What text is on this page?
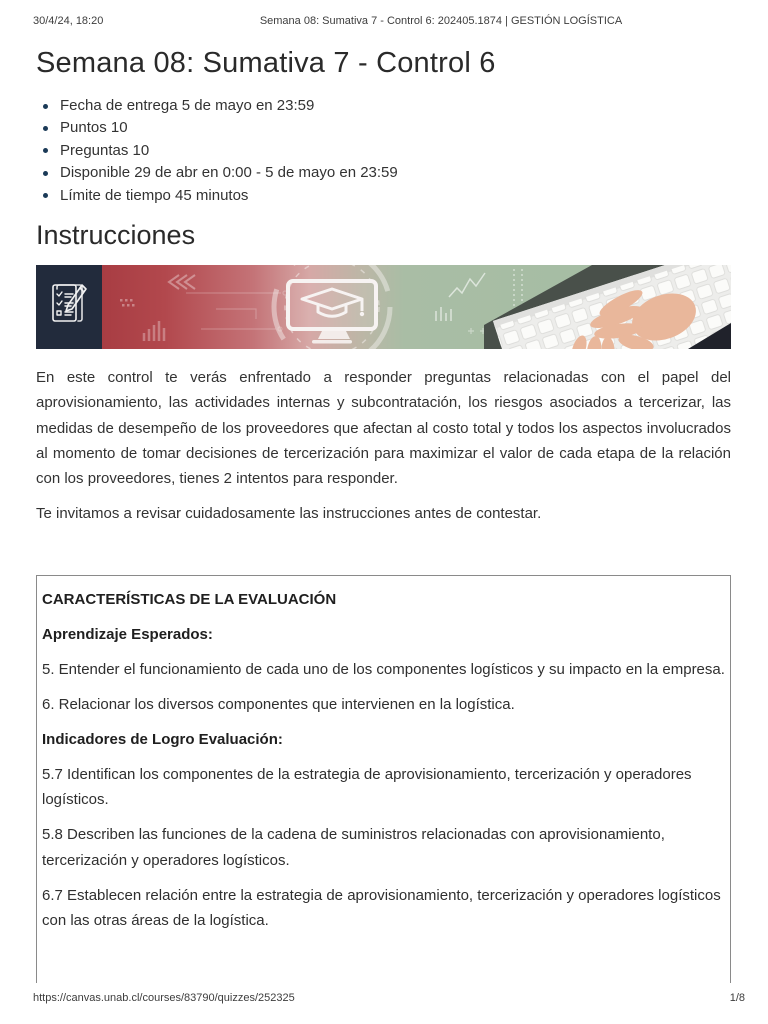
30/4/24, 18:20	Semana 08: Sumativa 7 - Control 6: 202405.1874 | GESTIÓN LOGÍSTICA
Semana 08: Sumativa 7 - Control 6
Fecha de entrega 5 de mayo en 23:59
Puntos 10
Preguntas 10
Disponible 29 de abr en 0:00 - 5 de mayo en 23:59
Límite de tiempo 45 minutos
Instrucciones

En este control te verás enfrentado a responder preguntas relacionadas con el papel del aprovisionamiento, las actividades internas y subcontratación, los riesgos asociados a tercerizar, las medidas de desempeño de los proveedores que afectan al costo total y todos los aspectos involucrados al momento de tomar decisiones de tercerización para maximizar el valor de cada etapa de la relación con los proveedores, tienes 2 intentos para responder.

Te invitamos a revisar cuidadosamente las instrucciones antes de contestar.

CARACTERÍSTICAS DE LA EVALUACIÓN

Aprendizaje Esperados:

5. Entender el funcionamiento de cada uno de los componentes logísticos y su impacto en la empresa.

6. Relacionar los diversos componentes que intervienen en la logística.

Indicadores de Logro Evaluación:

5.7 Identifican los componentes de la estrategia de aprovisionamiento, tercerización y operadores logísticos.

5.8 Describen las funciones de la cadena de suministros relacionadas con aprovisionamiento, tercerización y operadores logísticos.

6.7 Establecen relación entre la estrategia de aprovisionamiento, tercerización y operadores logísticos con las otras áreas de la logística.

https://canvas.unab.cl/courses/83790/quizzes/252325	1/8
